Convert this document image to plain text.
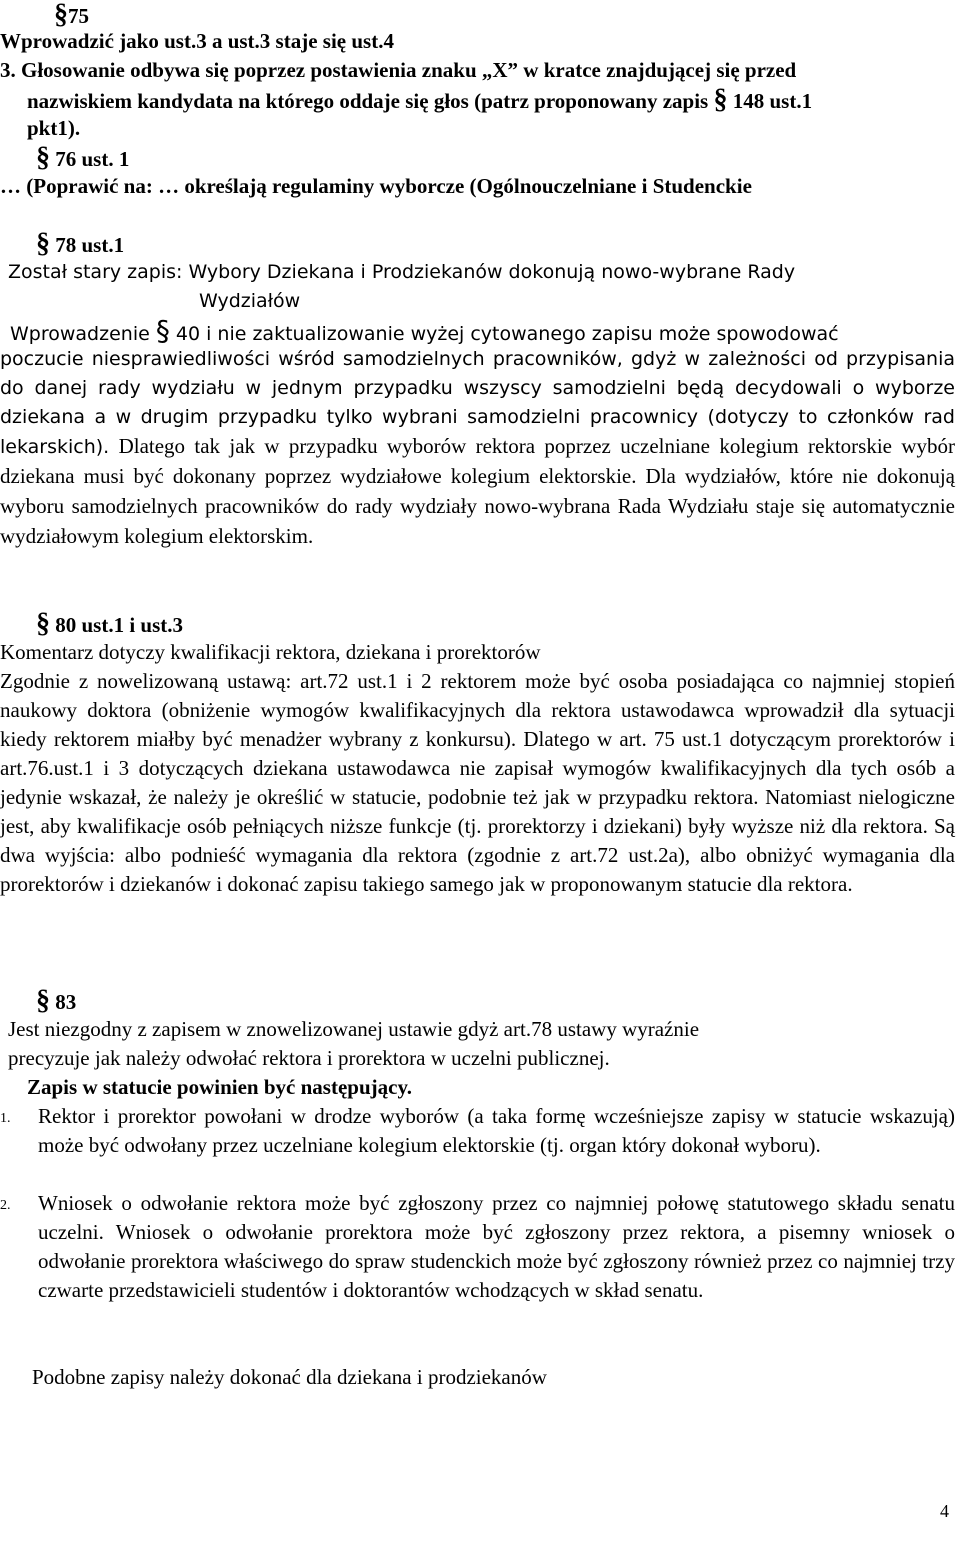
§75
Wprowadzić jako ust.3 a ust.3 staje się ust.4
3. Głosowanie odbywa się poprzez postawienia znaku „X” w kratce znajdującej się przed
nazwiskiem kandydata na którego oddaje się głos (patrz proponowany zapis § 148 ust.1
pkt1).
§ 76 ust. 1
… (Poprawić na: … określają regulaminy wyborcze (Ogólnouczelniane i Studenckie
§ 78 ust.1
Został stary zapis: Wybory Dziekana i Prodziekanów dokonują nowo-wybrane Rady
Wydziałów
Wprowadzenie § 40 i nie zaktualizowanie wyżej cytowanego zapisu może spowodować

poczucie niesprawiedliwości wśród samodzielnych pracowników, gdyż w zależności od przypisania do danej rady wydziału w jednym przypadku wszyscy samodzielni będą decydowali o wyborze dziekana a w drugim przypadku tylko wybrani samodzielni pracownicy (dotyczy to członków rad lekarskich). Dlatego tak jak w przypadku wyborów rektora poprzez uczelniane kolegium rektorskie wybór dziekana musi być dokonany poprzez wydziałowe kolegium elektorskie. Dla wydziałów, które nie dokonują wyboru samodzielnych pracowników do rady wydziały nowo-wybrana Rada Wydziału staje się automatycznie wydziałowym kolegium elektorskim.

§ 80 ust.1 i ust.3
Komentarz dotyczy kwalifikacji rektora, dziekana i prorektorów

Zgodnie z nowelizowaną ustawą: art.72 ust.1 i 2 rektorem może być osoba posiadająca co najmniej stopień naukowy doktora (obniżenie wymogów kwalifikacyjnych dla rektora ustawodawca wprowadził dla sytuacji kiedy rektorem miałby być menadżer wybrany z konkursu). Dlatego w art. 75 ust.1 dotyczącym prorektorów i art.76.ust.1 i 3 dotyczących dziekana ustawodawca nie zapisał wymogów kwalifikacyjnych dla tych osób a jedynie wskazał, że należy je określić w statucie, podobnie też jak w przypadku rektora. Natomiast nielogiczne jest, aby kwalifikacje osób pełniących niższe funkcje (tj. prorektorzy i dziekani) były wyższe niż dla rektora. Są dwa wyjścia: albo podnieść wymagania dla rektora (zgodnie z art.72 ust.2a), albo obniżyć wymagania dla prorektorów i dziekanów i dokonać zapisu takiego samego jak w proponowanym statucie dla rektora.

§ 83
Jest niezgodny z zapisem w znowelizowanej ustawie gdyż art.78 ustawy wyraźnie
precyzuje jak należy odwołać rektora i prorektora w uczelni publicznej.
Zapis w statucie powinien być następujący.
1. Rektor i prorektor powołani w drodze wyborów (a taka formę wcześniejsze zapisy w statucie wskazują) może być odwołany przez uczelniane kolegium elektorskie (tj. organ który dokonał wyboru).

2. Wniosek o odwołanie rektora może być zgłoszony przez co najmniej połowę statutowego składu senatu uczelni. Wniosek o odwołanie prorektora może być zgłoszony przez rektora, a pisemny wniosek o odwołanie prorektora właściwego do spraw studenckich może być zgłoszony również przez co najmniej trzy czwarte przedstawicieli studentów i doktorantów wchodzących w skład senatu.

Podobne zapisy należy dokonać dla dziekana i prodziekanów
4
